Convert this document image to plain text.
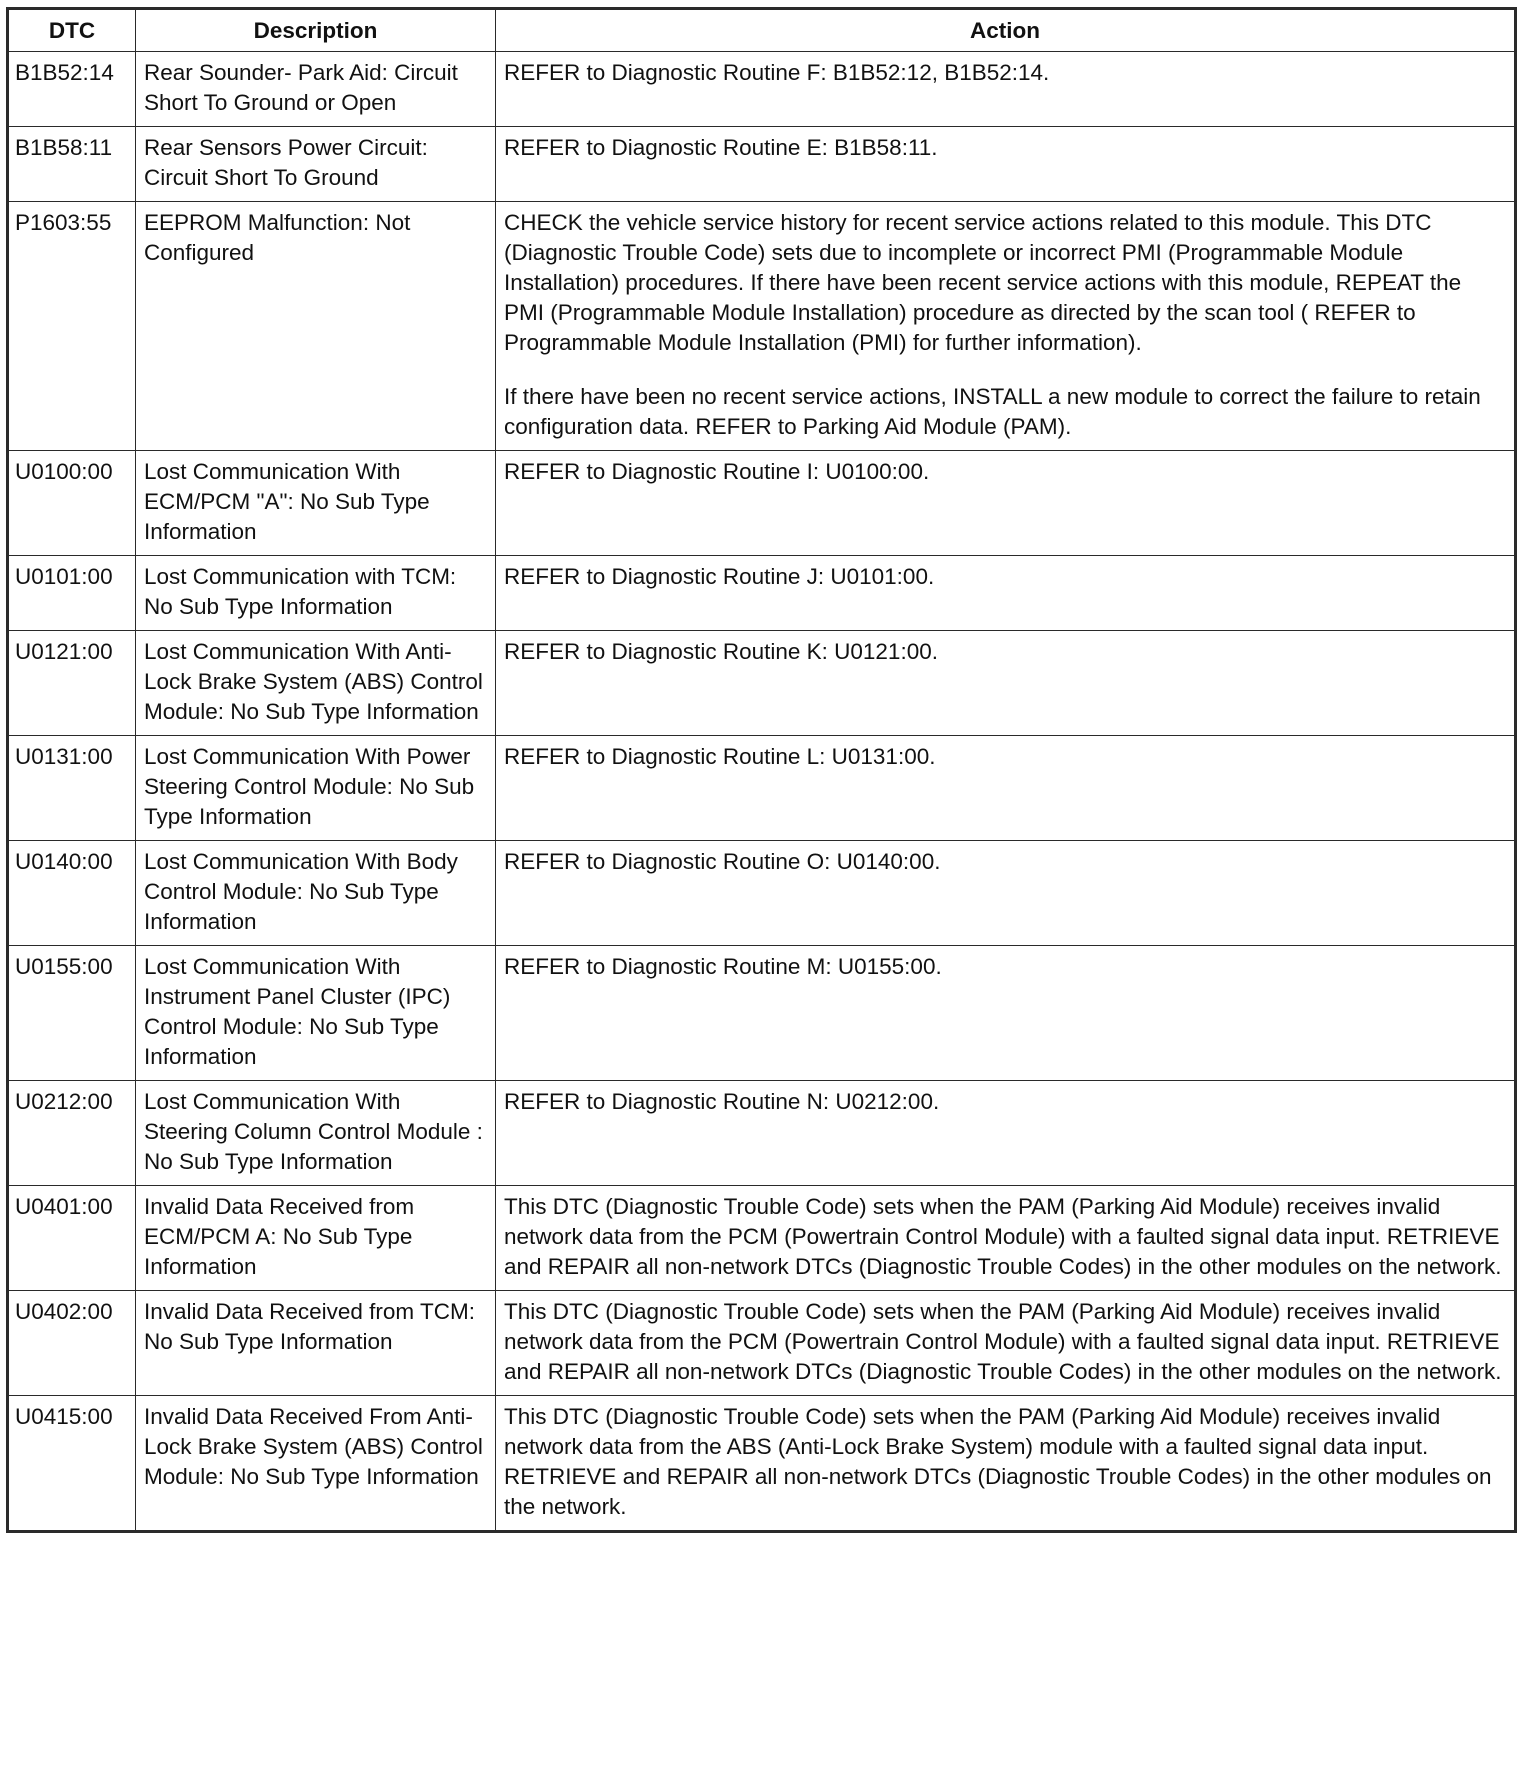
DTC	Description	Action
B1B52:14	Rear Sounder- Park Aid: Circuit Short To Ground or Open	REFER to Diagnostic Routine F: B1B52:12, B1B52:14.

B1B58:11	Rear Sensors Power Circuit: Circuit Short To Ground	REFER to Diagnostic Routine E: B1B58:11.

P1603:55	EEPROM Malfunction: Not Configured	CHECK the vehicle service history for recent service actions related to this module. This DTC (Diagnostic Trouble Code) sets due to incomplete or incorrect PMI (Programmable Module Installation) procedures. If there have been recent service actions with this module, REPEAT the PMI (Programmable Module Installation) procedure as directed by the scan tool ( REFER to Programmable Module Installation (PMI) for further information).
If there have been no recent service actions, INSTALL a new module to correct the failure to retain configuration data. REFER to Parking Aid Module (PAM).

U0100:00	Lost Communication With ECM/PCM "A": No Sub Type Information	REFER to Diagnostic Routine I: U0100:00.

U0101:00	Lost Communication with TCM: No Sub Type Information	REFER to Diagnostic Routine J: U0101:00.

U0121:00	Lost Communication With Anti-Lock Brake System (ABS) Control Module: No Sub Type Information	REFER to Diagnostic Routine K: U0121:00.

U0131:00	Lost Communication With Power Steering Control Module: No Sub Type Information	REFER to Diagnostic Routine L: U0131:00.

U0140:00	Lost Communication With Body Control Module: No Sub Type Information	REFER to Diagnostic Routine O: U0140:00.

U0155:00	Lost Communication With Instrument Panel Cluster (IPC) Control Module: No Sub Type Information	REFER to Diagnostic Routine M: U0155:00.

U0212:00	Lost Communication With Steering Column Control Module : No Sub Type Information	REFER to Diagnostic Routine N: U0212:00.

U0401:00	Invalid Data Received from ECM/PCM A: No Sub Type Information	This DTC (Diagnostic Trouble Code) sets when the PAM (Parking Aid Module) receives invalid network data from the PCM (Powertrain Control Module) with a faulted signal data input. RETRIEVE and REPAIR all non-network DTCs (Diagnostic Trouble Codes) in the other modules on the network.

U0402:00	Invalid Data Received from TCM: No Sub Type Information	This DTC (Diagnostic Trouble Code) sets when the PAM (Parking Aid Module) receives invalid network data from the PCM (Powertrain Control Module) with a faulted signal data input. RETRIEVE and REPAIR all non-network DTCs (Diagnostic Trouble Codes) in the other modules on the network.

U0415:00	Invalid Data Received From Anti-Lock Brake System (ABS) Control Module: No Sub Type Information	This DTC (Diagnostic Trouble Code) sets when the PAM (Parking Aid Module) receives invalid network data from the ABS (Anti-Lock Brake System) module with a faulted signal data input. RETRIEVE and REPAIR all non-network DTCs (Diagnostic Trouble Codes) in the other modules on the network.
